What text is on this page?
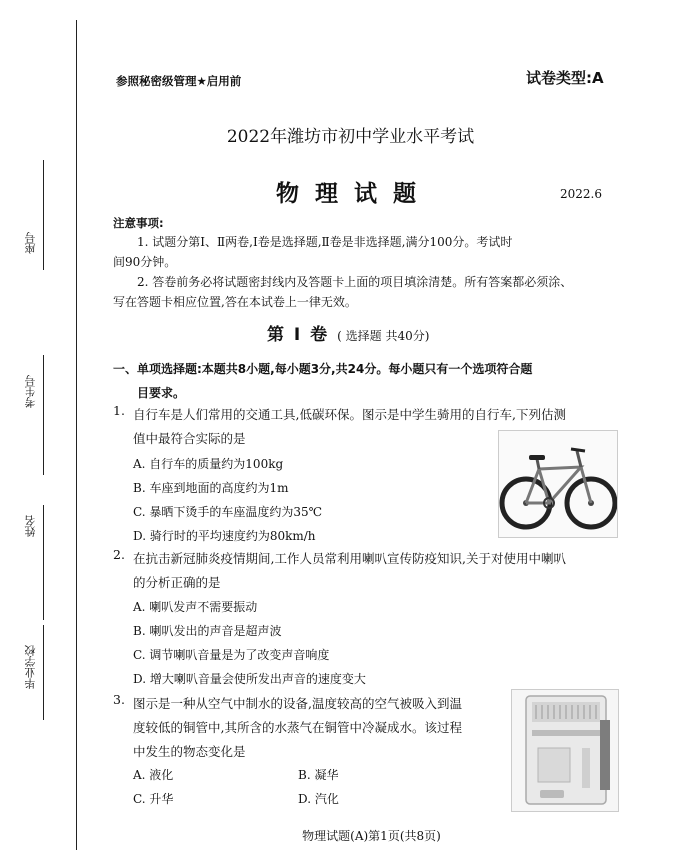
座号
考生号
姓名
毕业学校
参照秘密级管理★启用前	试卷类型:A
2022年潍坊市初中学业水平考试
物 理 试 题	2022.6
注意事项:

1. 试题分第Ⅰ、Ⅱ两卷,Ⅰ卷是选择题,Ⅱ卷是非选择题,满分100分。考试时

间90分钟。

2. 答卷前务必将试题密封线内及答题卡上面的项目填涂清楚。所有答案都必须涂、

写在答题卡相应位置,答在本试卷上一律无效。

第 Ⅰ 卷 ( 选择题 共40分)

一、单项选择题:本题共8小题,每小题3分,共24分。每小题只有一个选项符合题

目要求。

1. 自行车是人们常用的交通工具,低碳环保。图示是中学生骑用的自行车,下列估测

值中最符合实际的是

A. 自行车的质量约为100kg
B. 车座到地面的高度约为1m
C. 暴晒下烫手的车座温度约为35℃
D. 骑行时的平均速度约为80km/h
2. 在抗击新冠肺炎疫情期间,工作人员常利用喇叭宣传防疫知识,关于对使用中喇叭

的分析正确的是

A. 喇叭发声不需要振动
B. 喇叭发出的声音是超声波
C. 调节喇叭音量是为了改变声音响度
D. 增大喇叭音量会使所发出声音的速度变大
3. 图示是一种从空气中制水的设备,温度较高的空气被吸入到温

度较低的铜管中,其所含的水蒸气在铜管中冷凝成水。该过程

中发生的物态变化是

A. 液化	B. 凝华
C. 升华	D. 汽化
物理试题(A)第1页(共8页)
